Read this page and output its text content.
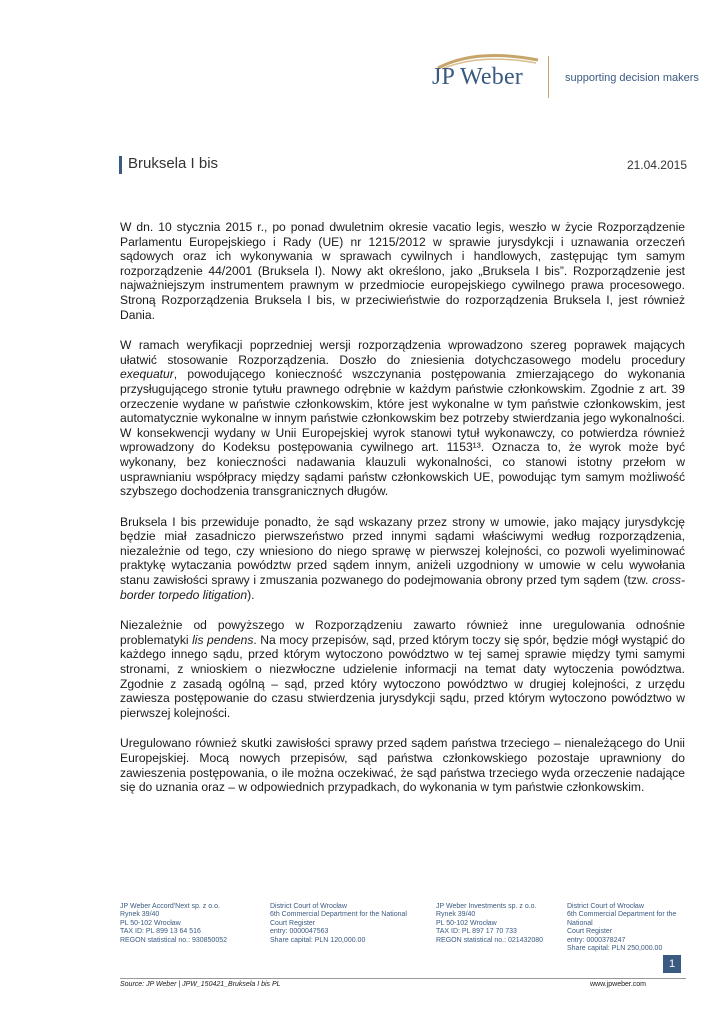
JP Weber	supporting decision makers
Bruksela I bis	21.04.2015

W dn. 10 stycznia 2015 r., po ponad dwuletnim okresie vacatio legis, weszło w życie Rozporządzenie Parlamentu Europejskiego i Rady (UE) nr 1215/2012 w sprawie jurysdykcji i uznawania orzeczeń sądowych oraz ich wykonywania w sprawach cywilnych i handlowych, zastępując tym samym rozporządzenie 44/2001 (Bruksela I). Nowy akt określono, jako „Bruksela I bis”. Rozporządzenie jest najważniejszym instrumentem prawnym w przedmiocie europejskiego cywilnego prawa procesowego. Stroną Rozporządzenia Bruksela I bis, w przeciwieństwie do rozporządzenia Bruksela I, jest również Dania.

W ramach weryfikacji poprzedniej wersji rozporządzenia wprowadzono szereg poprawek mających ułatwić stosowanie Rozporządzenia. Doszło do zniesienia dotychczasowego modelu procedury exequatur, powodującego konieczność wszczynania postępowania zmierzającego do wykonania przysługującego stronie tytułu prawnego odrębnie w każdym państwie członkowskim. Zgodnie z art. 39 orzeczenie wydane w państwie członkowskim, które jest wykonalne w tym państwie członkowskim, jest automatycznie wykonalne w innym państwie członkowskim bez potrzeby stwierdzania jego wykonalności. W konsekwencji wydany w Unii Europejskiej wyrok stanowi tytuł wykonawczy, co potwierdza również wprowadzony do Kodeksu postępowania cywilnego art. 1153¹³. Oznacza to, że wyrok może być wykonany, bez konieczności nadawania klauzuli wykonalności, co stanowi istotny przełom w usprawnianiu współpracy między sądami państw członkowskich UE, powodując tym samym możliwość szybszego dochodzenia transgranicznych długów.

Bruksela I bis przewiduje ponadto, że sąd wskazany przez strony w umowie, jako mający jurysdykcję będzie miał zasadniczo pierwszeństwo przed innymi sądami właściwymi według rozporządzenia, niezależnie od tego, czy wniesiono do niego sprawę w pierwszej kolejności, co pozwoli wyeliminować praktykę wytaczania powództw przed sądem innym, aniżeli uzgodniony w umowie w celu wywołania stanu zawisłości sprawy i zmuszania pozwanego do podejmowania obrony przed tym sądem (tzw. cross-border torpedo litigation).

Niezależnie od powyższego w Rozporządzeniu zawarto również inne uregulowania odnośnie problematyki lis pendens. Na mocy przepisów, sąd, przed którym toczy się spór, będzie mógł wystąpić do każdego innego sądu, przed którym wytoczono powództwo w tej samej sprawie między tymi samymi stronami, z wnioskiem o niezwłoczne udzielenie informacji na temat daty wytoczenia powództwa. Zgodnie z zasadą ogólną – sąd, przed który wytoczono powództwo w drugiej kolejności, z urzędu zawiesza postępowanie do czasu stwierdzenia jurysdykcji sądu, przed którym wytoczono powództwo w pierwszej kolejności.

Uregulowano również skutki zawisłości sprawy przed sądem państwa trzeciego – nienależącego do Unii Europejskiej. Mocą nowych przepisów, sąd państwa członkowskiego pozostaje uprawniony do zawieszenia postępowania, o ile można oczekiwać, że sąd państwa trzeciego wyda orzeczenie nadające się do uznania oraz – w odpowiednich przypadkach, do wykonania w tym państwie członkowskim.

JP Weber Accord'Next sp. z o.o.
Rynek 39/40
PL 50-102 Wrocław
TAX ID: PL 899 13 64 516
REGON statistical no.: 930850052
District Court of Wrocław
6th Commercial Department for the National
Court Register
entry: 0000047563
Share capital: PLN 120,000.00
JP Weber Investments sp. z o.o.
Rynek 39/40
PL 50-102 Wrocław
TAX ID: PL 897 17 70 733
REGON statistical no.: 021432080
District Court of Wrocław
6th Commercial Department for the
National
Court Register
entry: 0000378247
Share capital: PLN 250,000.00
1
Source: JP Weber | JPW_150421_Bruksela I bis PL	www.jpweber.com
